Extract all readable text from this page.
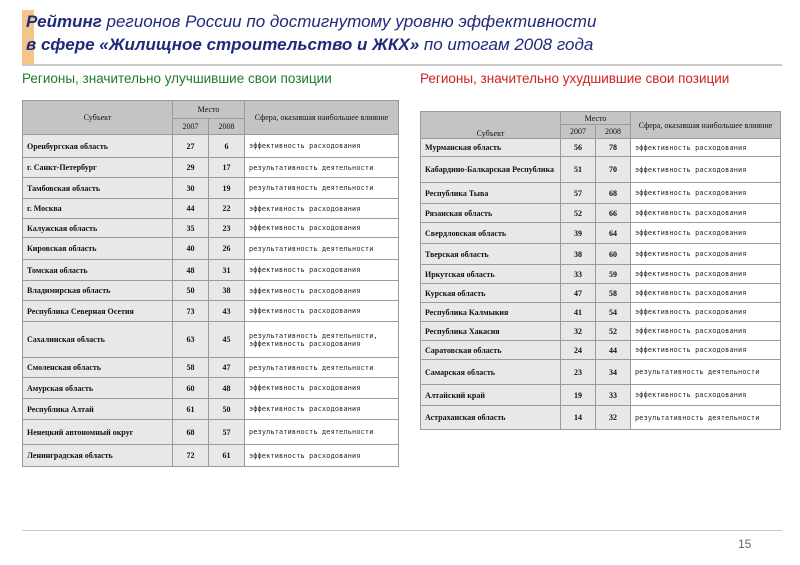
Рейтинг регионов России по достигнутому уровню эффективности
в сфере «Жилищное строительство и ЖКХ» по итогам 2008 года
Регионы, значительно улучшившие свои позиции	Регионы, значительно ухудшившие свои позиции
Субъект	Место		Сфера, оказавшая наибольшее влияние
	2007	2008	
Оренбургская область	27	6	эффективность расходования
г. Санкт-Петербург	29	17	результативность деятельности
Тамбовская область	30	19	результативность деятельности
г. Москва	44	22	эффективность расходования
Калужская область	35	23	эффективность расходования
Кировская область	40	26	результативность деятельности
Томская область	48	31	эффективность расходования
Владимирская область	50	38	эффективность расходования
Республика Северная Осетия	73	43	эффективность расходования
Сахалинская область	63	45	результативность деятельности, эффективность расходования
Смоленская область	58	47	результативность деятельности
Амурская область	60	48	эффективность расходования
Республика Алтай	61	50	эффективность расходования
Ненецкий автономный округ	68	57	результативность деятельности
Ленинградская область	72	61	эффективность расходования
Субъект	Место		Сфера, оказавшая наибольшее влияние
	2007	2008	
Мурманская область	56	78	эффективность расходования
Кабардино-Балкарская Республика	51	70	эффективность расходования
Республика Тыва	57	68	эффективность расходования
Рязанская область	52	66	эффективность расходования
Свердловская область	39	64	эффективность расходования
Тверская область	38	60	эффективность расходования
Иркутская область	33	59	эффективность расходования
Курская область	47	58	эффективность расходования
Республика Калмыкия	41	54	эффективность расходования
Республика Хакасия	32	52	эффективность расходования
Саратовская область	24	44	эффективность расходования
Самарская область	23	34	результативность деятельности
Алтайский край	19	33	эффективность расходования
Астраханская область	14	32	результативность деятельности
15
